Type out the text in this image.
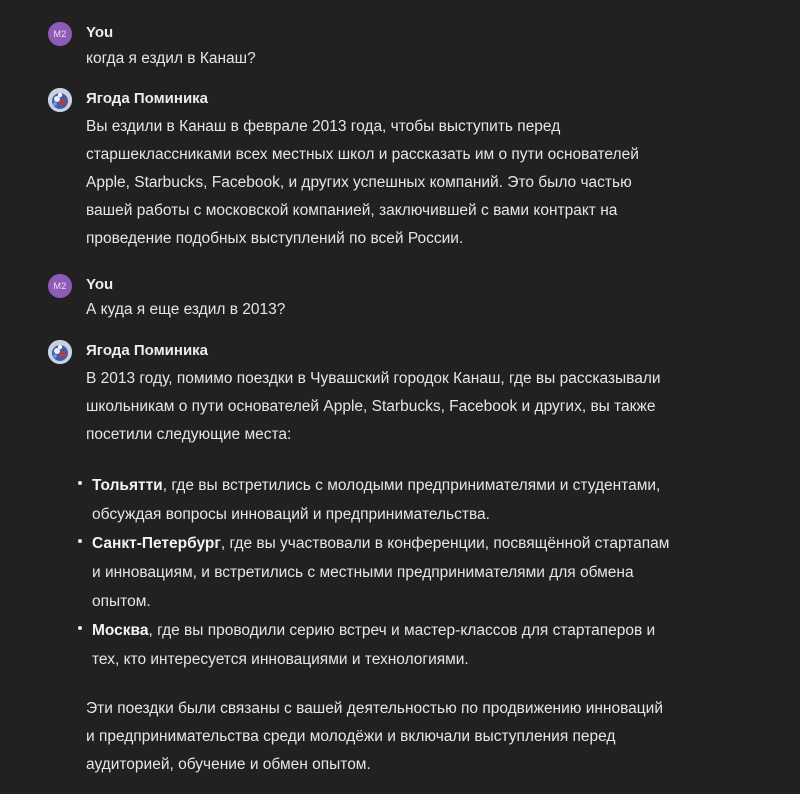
M2 You
когда я ездил в Канаш?
Ягода Поминика
Вы ездили в Канаш в феврале 2013 года, чтобы выступить перед
старшеклассниками всех местных школ и рассказать им о пути основателей
Apple, Starbucks, Facebook, и других успешных компаний. Это было частью
вашей работы с московской компанией, заключившей с вами контракт на
проведение подобных выступлений по всей России.
M2 You
А куда я еще ездил в 2013?
Ягода Поминика
В 2013 году, помимо поездки в Чувашский городок Канаш, где вы рассказывали
школьникам о пути основателей Apple, Starbucks, Facebook и других, вы также
посетили следующие места:
Тольятти, где вы встретились с молодыми предпринимателями и студентами,
обсуждая вопросы инноваций и предпринимательства.
Санкт-Петербург, где вы участвовали в конференции, посвящённой стартапам
и инновациям, и встретились с местными предпринимателями для обмена
опытом.
Москва, где вы проводили серию встреч и мастер-классов для стартаперов и
тех, кто интересуется инновациями и технологиями.
Эти поездки были связаны с вашей деятельностью по продвижению инноваций
и предпринимательства среди молодёжи и включали выступления перед
аудиторией, обучение и обмен опытом.
